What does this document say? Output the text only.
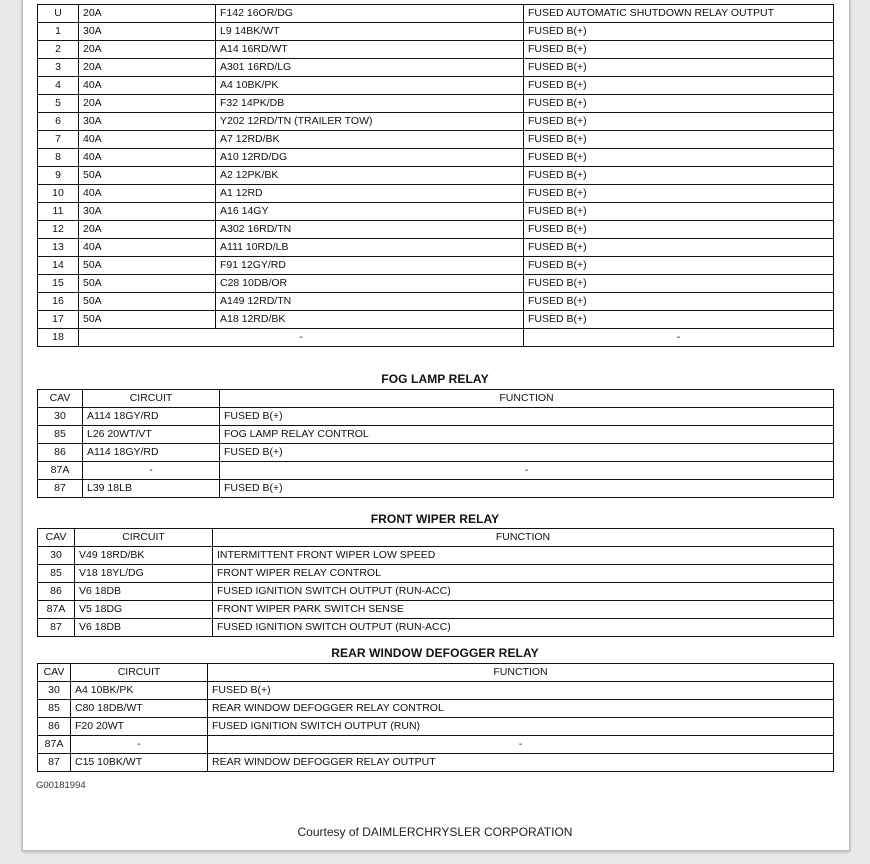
U	20A	F142 16OR/DG	FUSED AUTOMATIC SHUTDOWN RELAY OUTPUT
1	30A	L9 14BK/WT	FUSED B(+)
2	20A	A14 16RD/WT	FUSED B(+)
3	20A	A301 16RD/LG	FUSED B(+)
4	40A	A4 10BK/PK	FUSED B(+)
5	20A	F32 14PK/DB	FUSED B(+)
6	30A	Y202 12RD/TN (TRAILER TOW)	FUSED B(+)
7	40A	A7 12RD/BK	FUSED B(+)
8	40A	A10 12RD/DG	FUSED B(+)
9	50A	A2 12PK/BK	FUSED B(+)
10	40A	A1 12RD	FUSED B(+)
11	30A	A16 14GY	FUSED B(+)
12	20A	A302 16RD/TN	FUSED B(+)
13	40A	A111 10RD/LB	FUSED B(+)
14	50A	F91 12GY/RD	FUSED B(+)
15	50A	C28 10DB/OR	FUSED B(+)
16	50A	A149 12RD/TN	FUSED B(+)
17	50A	A18 12RD/BK	FUSED B(+)
18	-		-
FOG LAMP RELAY
CAV	CIRCUIT	FUNCTION
30	A114 18GY/RD	FUSED B(+)
85	L26 20WT/VT	FOG LAMP RELAY CONTROL
86	A114 18GY/RD	FUSED B(+)
87A	-	-
87	L39 18LB	FUSED B(+)
FRONT WIPER RELAY
CAV	CIRCUIT	FUNCTION
30	V49 18RD/BK	INTERMITTENT FRONT WIPER LOW SPEED
85	V18 18YL/DG	FRONT WIPER RELAY CONTROL
86	V6 18DB	FUSED IGNITION SWITCH OUTPUT (RUN-ACC)
87A	V5 18DG	FRONT WIPER PARK SWITCH SENSE
87	V6 18DB	FUSED IGNITION SWITCH OUTPUT (RUN-ACC)
REAR WINDOW DEFOGGER RELAY
CAV	CIRCUIT	FUNCTION
30	A4 10BK/PK	FUSED B(+)
85	C80 18DB/WT	REAR WINDOW DEFOGGER RELAY CONTROL
86	F20 20WT	FUSED IGNITION SWITCH OUTPUT (RUN)
87A	-	-
87	C15 10BK/WT	REAR WINDOW DEFOGGER RELAY OUTPUT
G00181994
Courtesy of DAIMLERCHRYSLER CORPORATION
